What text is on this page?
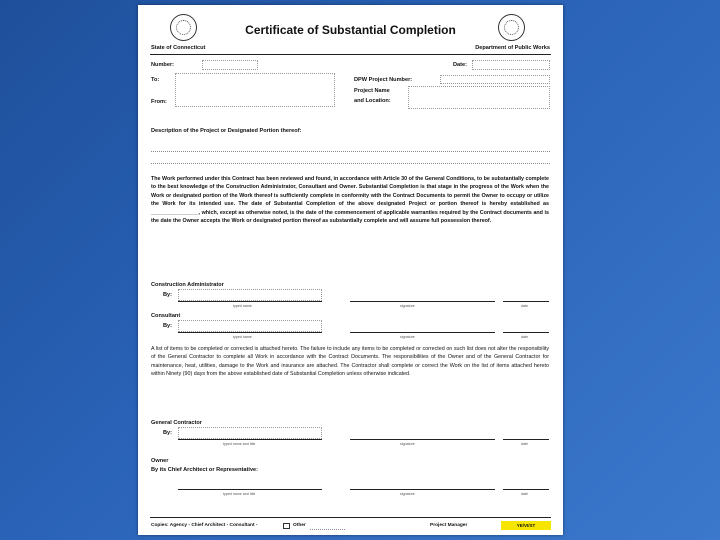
Certificate of Substantial Completion
State of Connecticut	Department of Public Works
Number:	Date:
To:
From:
DPW Project Number:
Project Name
and Location:
Description of the Project or Designated Portion thereof:
The Work performed under this Contract has been reviewed and found, in accordance with Article 30 of the General Conditions, to be substantially complete to the best knowledge of the Construction Administrator, Consultant and Owner. Substantial Completion is that stage in the progress of the Work when the Work or designated portion of the Work thereof is sufficiently complete in conformity with the Contract Documents to permit the Owner to occupy or utilize the Work for its intended use. The date of Substantial Completion of the above designated Project or portion thereof is hereby established as ________________, which, except as otherwise noted, is the date of the commencement of applicable warranties required by the Contract documents and is the date the Owner accepts the Work or designated portion thereof as substantially complete and will assume full possession thereof.
Construction Administrator
By:
typed name	signature	date
Consultant
By:
typed name	signature	date
A list of items to be completed or corrected is attached hereto. The failure to include any items to be completed or corrected on such list does not alter the responsibility of the General Contractor to complete all Work in accordance with the Contract Documents. The responsibilities of the Owner and of the General Contractor for maintenance, heat, utilities, damage to the Work and insurance are attached. The Contractor shall complete or correct the Work on the list of items attached hereto within Ninety (90) days from the above established date of Substantial Completion unless otherwise indicated.
General Contractor
By:
typed name and title	signature	date
Owner
By its Chief Architect or Representative:
typed name and title	signature	date
Copies: Agency - Chief Architect - Consultant -	Other	Project Manager	YE/VI/ST
